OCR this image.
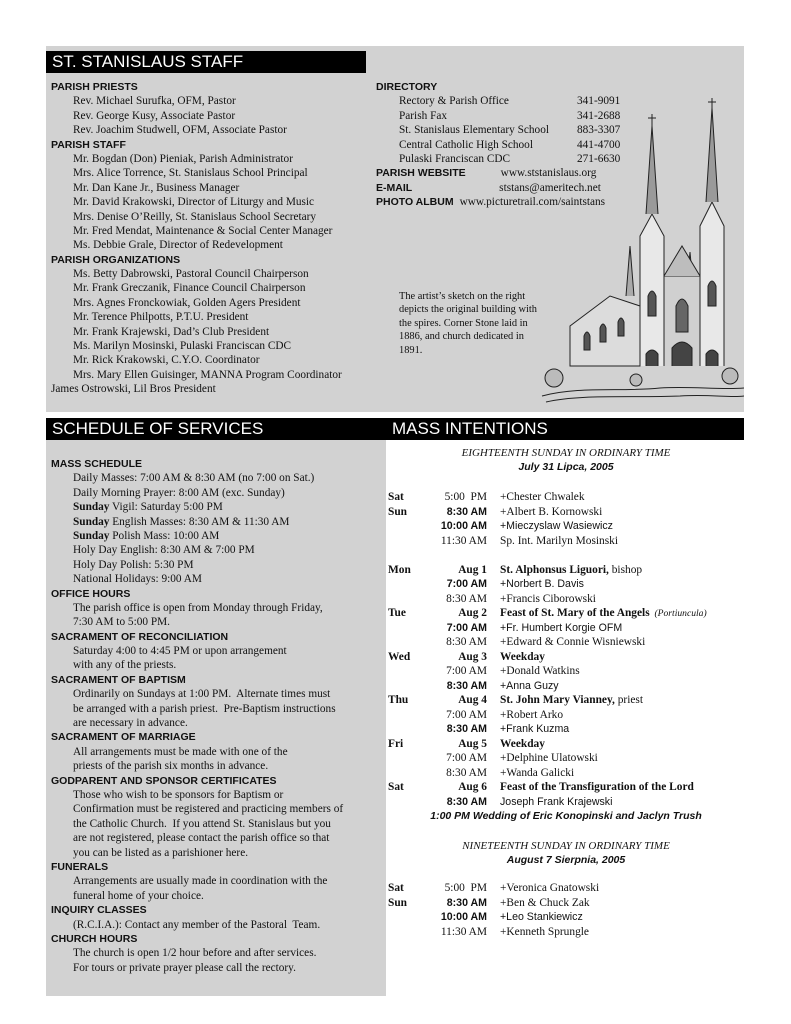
ST. STANISLAUS STAFF
SCHEDULE OF SERVICES	MASS INTENTIONS
PARISH PRIESTS
Rev. Michael Surufka, OFM, Pastor
Rev. George Kusy, Associate Pastor
Rev. Joachim Studwell, OFM, Associate Pastor
PARISH STAFF
Mr. Bogdan (Don) Pieniak, Parish Administrator
Mrs. Alice Torrence, St. Stanislaus School Principal
Mr. Dan Kane Jr., Business Manager
Mr. David Krakowski, Director of Liturgy and Music
Mrs. Denise O’Reilly, St. Stanislaus School Secretary
Mr. Fred Mendat, Maintenance & Social Center Manager
Ms. Debbie Grale, Director of Redevelopment
PARISH ORGANIZATIONS
Ms. Betty Dabrowski, Pastoral Council Chairperson
Mr. Frank Greczanik, Finance Council Chairperson
Mrs. Agnes Fronckowiak, Golden Agers President
Mr. Terence Philpotts, P.T.U. President
Mr. Frank Krajewski, Dad’s Club President
Ms. Marilyn Mosinski, Pulaski Franciscan CDC
Mr. Rick Krakowski, C.Y.O. Coordinator
Mrs. Mary Ellen Guisinger, MANNA Program Coordinator
James Ostrowski, Lil Bros President
DIRECTORY
Rectory & Parish Office	341-9091
Parish Fax	341-2688
St. Stanislaus Elementary School	883-3307
Central Catholic High School	441-4700
Pulaski Franciscan CDC	271-6630
PARISH WEBSITE	www.ststanislaus.org
E-MAIL	ststans@ameritech.net
PHOTO ALBUM www.picturetrail.com/saintstans
The artist’s sketch on the right depicts the original building with the spires. Corner Stone laid in 1886, and church dedicated in 1891.
MASS SCHEDULE
Daily Masses: 7:00 AM & 8:30 AM (no 7:00 on Sat.)
Daily Morning Prayer: 8:00 AM (exc. Sunday)
Sunday Vigil: Saturday 5:00 PM
Sunday English Masses: 8:30 AM & 11:30 AM
Sunday Polish Mass: 10:00 AM
Holy Day English: 8:30 AM & 7:00 PM
Holy Day Polish: 5:30 PM
National Holidays: 9:00 AM
OFFICE HOURS
The parish office is open from Monday through Friday,
7:30 AM to 5:00 PM.
SACRAMENT OF RECONCILIATION
Saturday 4:00 to 4:45 PM or upon arrangement
with any of the priests.
SACRAMENT OF BAPTISM
Ordinarily on Sundays at 1:00 PM.  Alternate times must
be arranged with a parish priest.  Pre-Baptism instructions
are necessary in advance.
SACRAMENT OF MARRIAGE
All arrangements must be made with one of the
priests of the parish six months in advance.
GODPARENT AND SPONSOR CERTIFICATES
Those who wish to be sponsors for Baptism or
Confirmation must be registered and practicing members of
the Catholic Church.  If you attend St. Stanislaus but you
are not registered, please contact the parish office so that
you can be listed as a parishioner here.
FUNERALS
Arrangements are usually made in coordination with the
funeral home of your choice.
INQUIRY CLASSES
(R.C.I.A.): Contact any member of the Pastoral  Team.
CHURCH HOURS
The church is open 1/2 hour before and after services.
For tours or private prayer please call the rectory.
EIGHTEENTH SUNDAY IN ORDINARY TIME
July 31 Lipca, 2005
Sat	5:00  PM +Chester Chwalek
Sun	8:30 AM +Albert B. Kornowski
10:00 AM +Mieczyslaw Wasiewicz
11:30 AM Sp. Int. Marilyn Mosinski
Mon	Aug 1 St. Alphonsus Liguori, bishop
7:00 AM +Norbert B. Davis
8:30 AM +Francis Ciborowski
Tue	Aug 2 Feast of St. Mary of the Angels  (Portiuncula)
7:00 AM +Fr. Humbert Korgie OFM
8:30 AM +Edward & Connie Wisniewski
Wed	Aug 3 Weekday
7:00 AM +Donald Watkins
8:30 AM +Anna Guzy
Thu	Aug 4 St. John Mary Vianney, priest
7:00 AM +Robert Arko
8:30 AM +Frank Kuzma
Fri	Aug 5 Weekday
7:00 AM +Delphine Ulatowski
8:30 AM +Wanda Galicki
Sat	Aug 6 Feast of the Transfiguration of the Lord
8:30 AM Joseph Frank Krajewski
1:00 PM Wedding of Eric Konopinski and Jaclyn Trush
NINETEENTH SUNDAY IN ORDINARY TIME
August 7 Sierpnia, 2005
Sat	5:00  PM +Veronica Gnatowski
Sun	8:30 AM +Ben & Chuck Zak
10:00 AM +Leo Stankiewicz
11:30 AM +Kenneth Sprungle
